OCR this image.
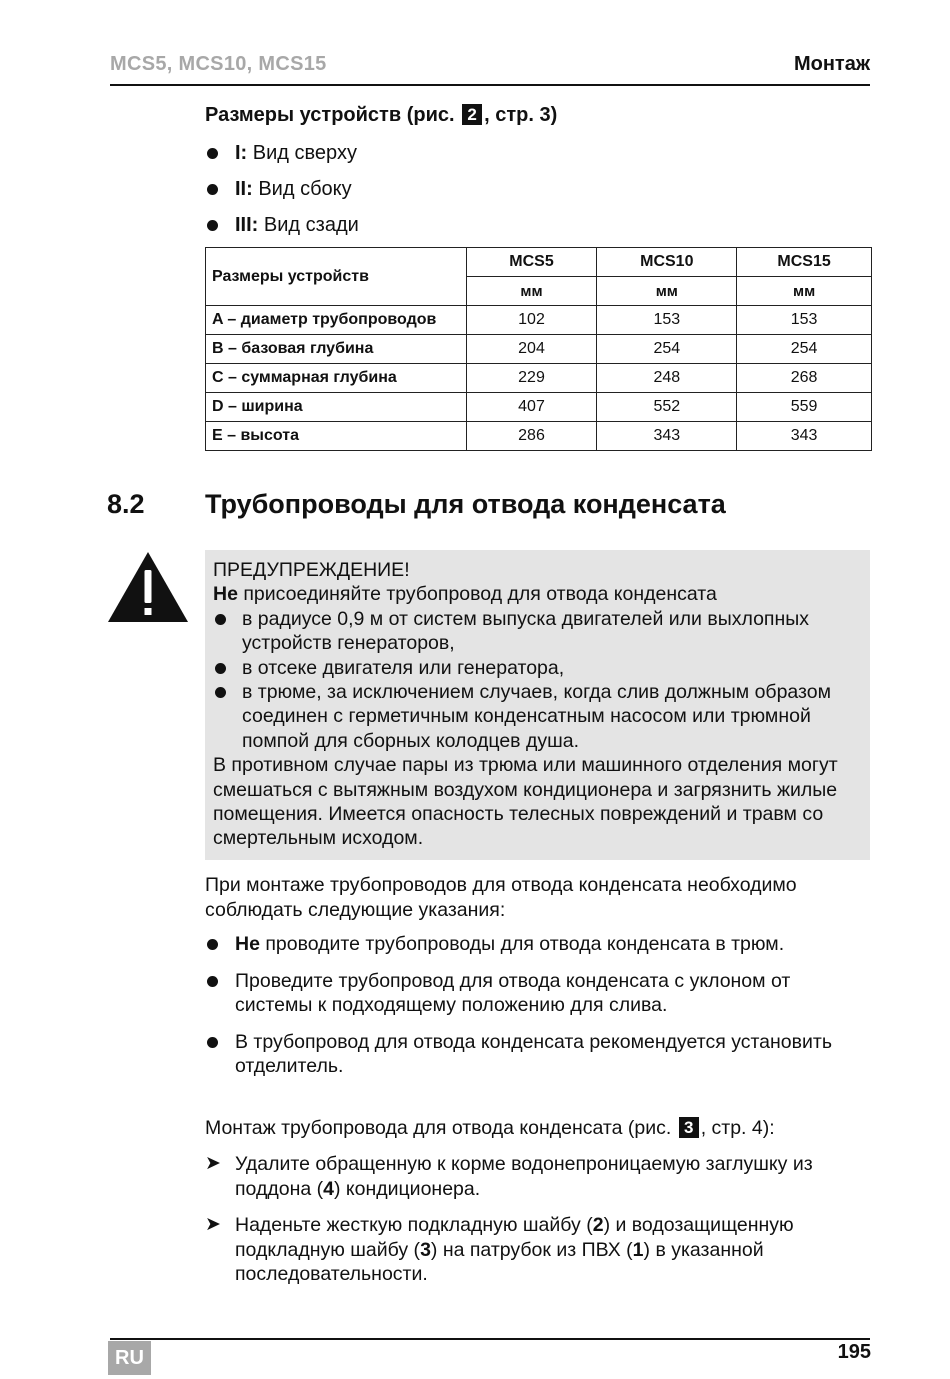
MCS5, MCS10, MCS15	Монтаж
Размеры устройств (рис. 2 , стр. 3)
I: Вид сверху
II: Вид сбоку
III: Вид сзади
Размеры устройств	MCS5	MCS10	MCS15
	мм	мм	мм
A – диаметр трубопроводов	102	153	153
B – базовая глубина	204	254	254
C – суммарная глубина	229	248	268
D – ширина	407	552	559
E – высота	286	343	343
8.2 Трубопроводы для отвода конденсата
ПРЕДУПРЕЖДЕНИЕ!
Не присоединяйте трубопровод для отвода конденсата
в радиусе 0,9 м от систем выпуска двигателей или выхлопных устройств генераторов,
в отсеке двигателя или генератора,
в трюме, за исключением случаев, когда слив должным образом соединен с герметичным конденсатным насосом или трюмной помпой для сборных колодцев душа.
В противном случае пары из трюма или машинного отделения могут смешаться с вытяжным воздухом кондиционера и загрязнить жилые помещения. Имеется опасность телесных повреждений и травм со смертельным исходом.
При монтаже трубопроводов для отвода конденсата необходимо соблюдать следующие указания:
Не проводите трубопроводы для отвода конденсата в трюм.
Проведите трубопровод для отвода конденсата с уклоном от системы к подходящему положению для слива.
В трубопровод для отвода конденсата рекомендуется установить отделитель.
Монтаж трубопровода для отвода конденсата (рис. 3 , стр. 4):
➤ Удалите обращенную к корме водонепроницаемую заглушку из поддона (4) кондиционера.
➤ Наденьте жесткую подкладную шайбу (2) и водозащищенную подкладную шайбу (3) на патрубок из ПВХ (1) в указанной последовательности.
RU	195
